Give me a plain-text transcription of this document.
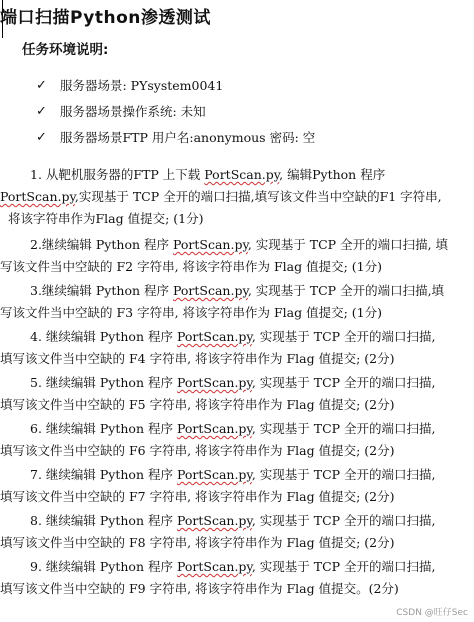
端口扫描Python渗透测试
任务环境说明:
✓	服务器场景: PYsystem0041
✓	服务器场景操作系统: 未知
✓	服务器场景FTP 用户名:anonymous 密码: 空
1. 从靶机服务器的FTP 上下载 PortScan.py, 编辑Python 程序
PortScan.py,实现基于 TCP 全开的端口扫描,填写该文件当中空缺的F1 字符串,
将该字符串作为Flag 值提交; (1分)
2.继续编辑 Python 程序 PortScan.py, 实现基于 TCP 全开的端口扫描, 填
写该文件当中空缺的 F2 字符串, 将该字符串作为 Flag 值提交; (1分)
3.继续编辑 Python 程序 PortScan.py, 实现基于 TCP 全开的端口扫描,填
写该文件当中空缺的 F3 字符串, 将该字符串作为 Flag 值提交; (1分)
4. 继续编辑 Python 程序 PortScan.py, 实现基于 TCP 全开的端口扫描,
填写该文件当中空缺的 F4 字符串, 将该字符串作为 Flag 值提交; (2分)
5. 继续编辑 Python 程序 PortScan.py, 实现基于 TCP 全开的端口扫描,
填写该文件当中空缺的 F5 字符串, 将该字符串作为 Flag 值提交; (2分)
6. 继续编辑 Python 程序 PortScan.py, 实现基于 TCP 全开的端口扫描,
填写该文件当中空缺的 F6 字符串, 将该字符串作为 Flag 值提交; (2分)
7. 继续编辑 Python 程序 PortScan.py, 实现基于 TCP 全开的端口扫描,
填写该文件当中空缺的 F7 字符串, 将该字符串作为 Flag 值提交; (2分)
8. 继续编辑 Python 程序 PortScan.py, 实现基于 TCP 全开的端口扫描,
填写该文件当中空缺的 F8 字符串, 将该字符串作为 Flag 值提交; (2分)
9. 继续编辑 Python 程序 PortScan.py, 实现基于 TCP 全开的端口扫描,
填写该文件当中空缺的 F9 字符串, 将该字符串作为 Flag 值提交。(2分)
CSDN @旺仔Sec
